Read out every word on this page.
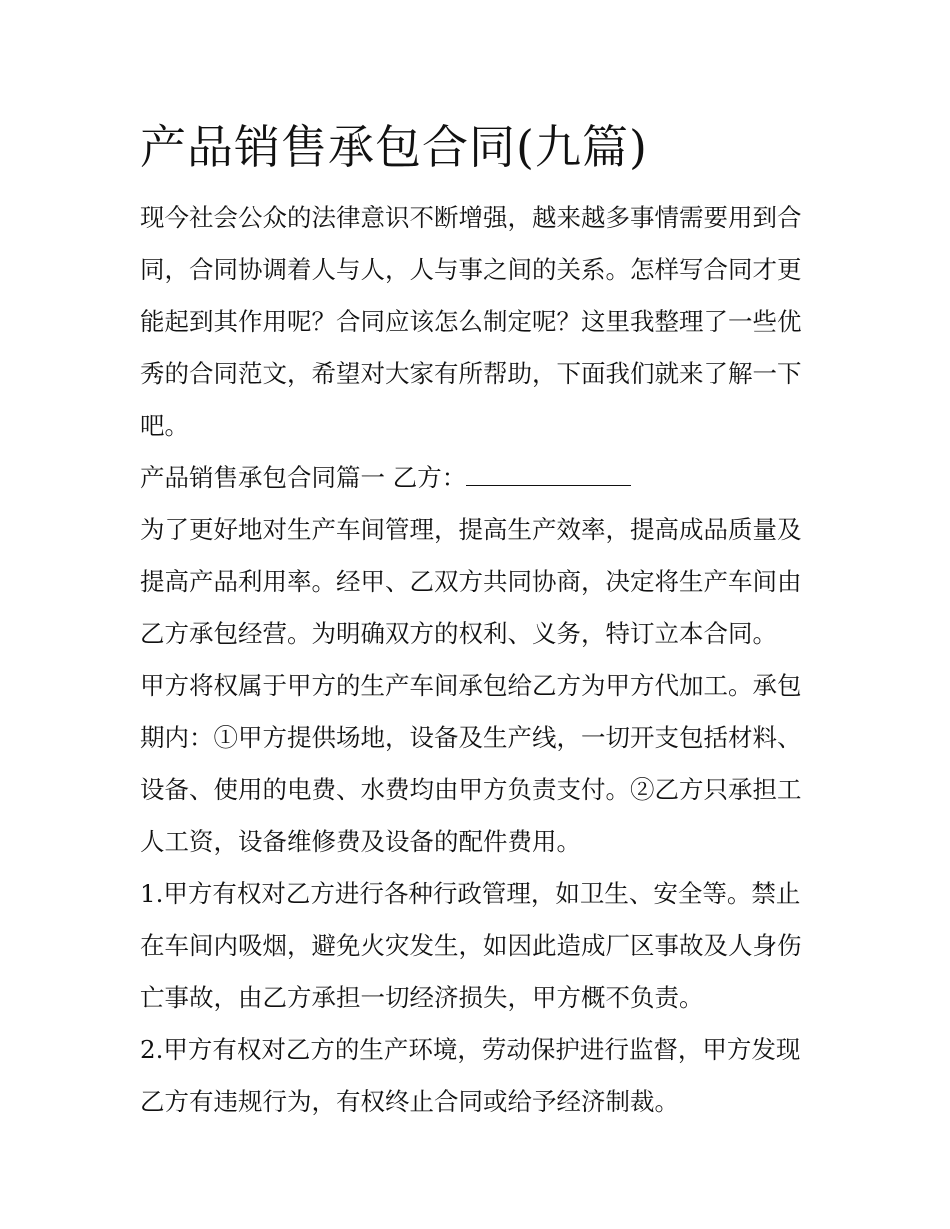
产品销售承包合同(九篇)

现今社会公众的法律意识不断增强，越来越多事情需要用到合同，合同协调着人与人，人与事之间的关系。怎样写合同才更能起到其作用呢？合同应该怎么制定呢？这里我整理了一些优秀的合同范文，希望对大家有所帮助，下面我们就来了解一下吧。

产品销售承包合同篇一 乙方：

为了更好地对生产车间管理，提高生产效率，提高成品质量及提高产品利用率。经甲、乙双方共同协商，决定将生产车间由乙方承包经营。为明确双方的权利、义务，特订立本合同。

甲方将权属于甲方的生产车间承包给乙方为甲方代加工。承包期内：①甲方提供场地，设备及生产线，一切开支包括材料、设备、使用的电费、水费均由甲方负责支付。②乙方只承担工人工资，设备维修费及设备的配件费用。

1.甲方有权对乙方进行各种行政管理，如卫生、安全等。禁止在车间内吸烟，避免火灾发生，如因此造成厂区事故及人身伤亡事故，由乙方承担一切经济损失，甲方概不负责。

2.甲方有权对乙方的生产环境，劳动保护进行监督，甲方发现乙方有违规行为，有权终止合同或给予经济制裁。
